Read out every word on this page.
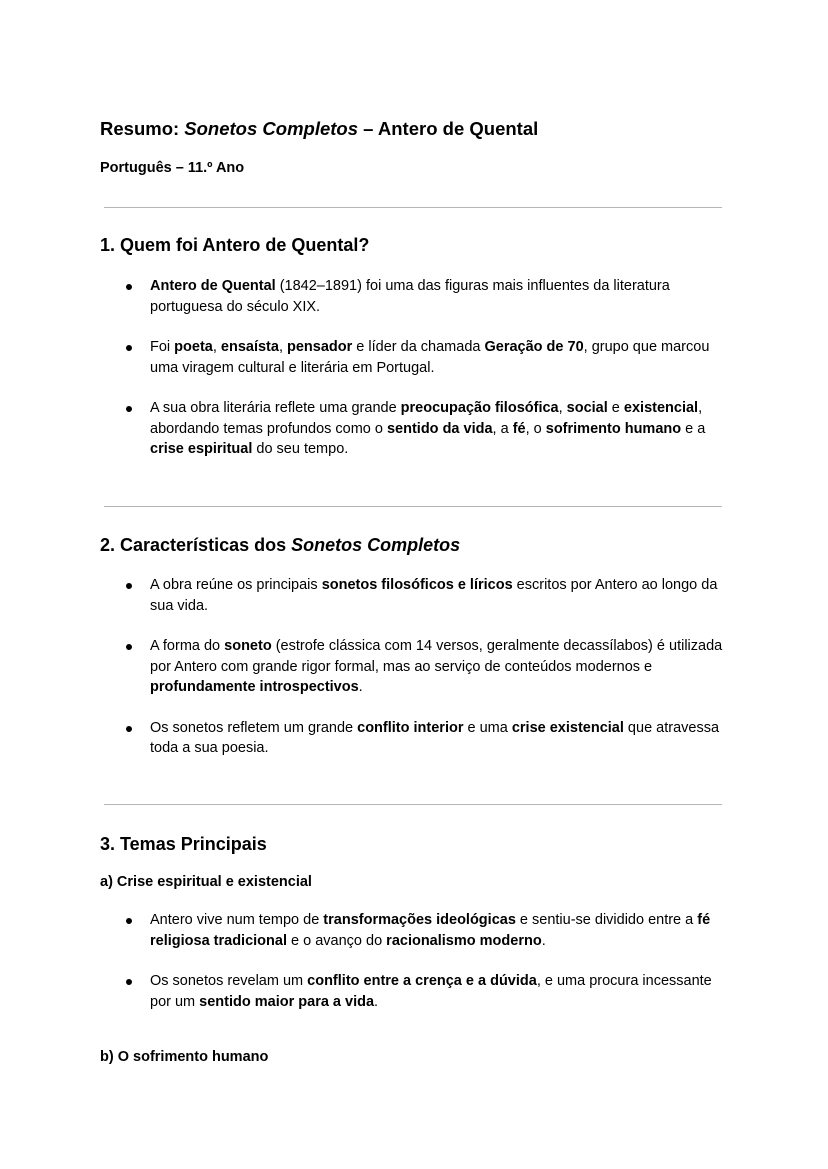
Resumo: Sonetos Completos – Antero de Quental

Português – 11.º Ano

1. Quem foi Antero de Quental?
Antero de Quental (1842–1891) foi uma das figuras mais influentes da literatura portuguesa do século XIX.
Foi poeta, ensaísta, pensador e líder da chamada Geração de 70, grupo que marcou uma viragem cultural e literária em Portugal.
A sua obra literária reflete uma grande preocupação filosófica, social e existencial, abordando temas profundos como o sentido da vida, a fé, o sofrimento humano e a crise espiritual do seu tempo.
2. Características dos Sonetos Completos
A obra reúne os principais sonetos filosóficos e líricos escritos por Antero ao longo da sua vida.
A forma do soneto (estrofe clássica com 14 versos, geralmente decassílabos) é utilizada por Antero com grande rigor formal, mas ao serviço de conteúdos modernos e profundamente introspectivos.
Os sonetos refletem um grande conflito interior e uma crise existencial que atravessa toda a sua poesia.
3. Temas Principais
a) Crise espiritual e existencial
Antero vive num tempo de transformações ideológicas e sentiu-se dividido entre a fé religiosa tradicional e o avanço do racionalismo moderno.
Os sonetos revelam um conflito entre a crença e a dúvida, e uma procura incessante por um sentido maior para a vida.
b) O sofrimento humano
